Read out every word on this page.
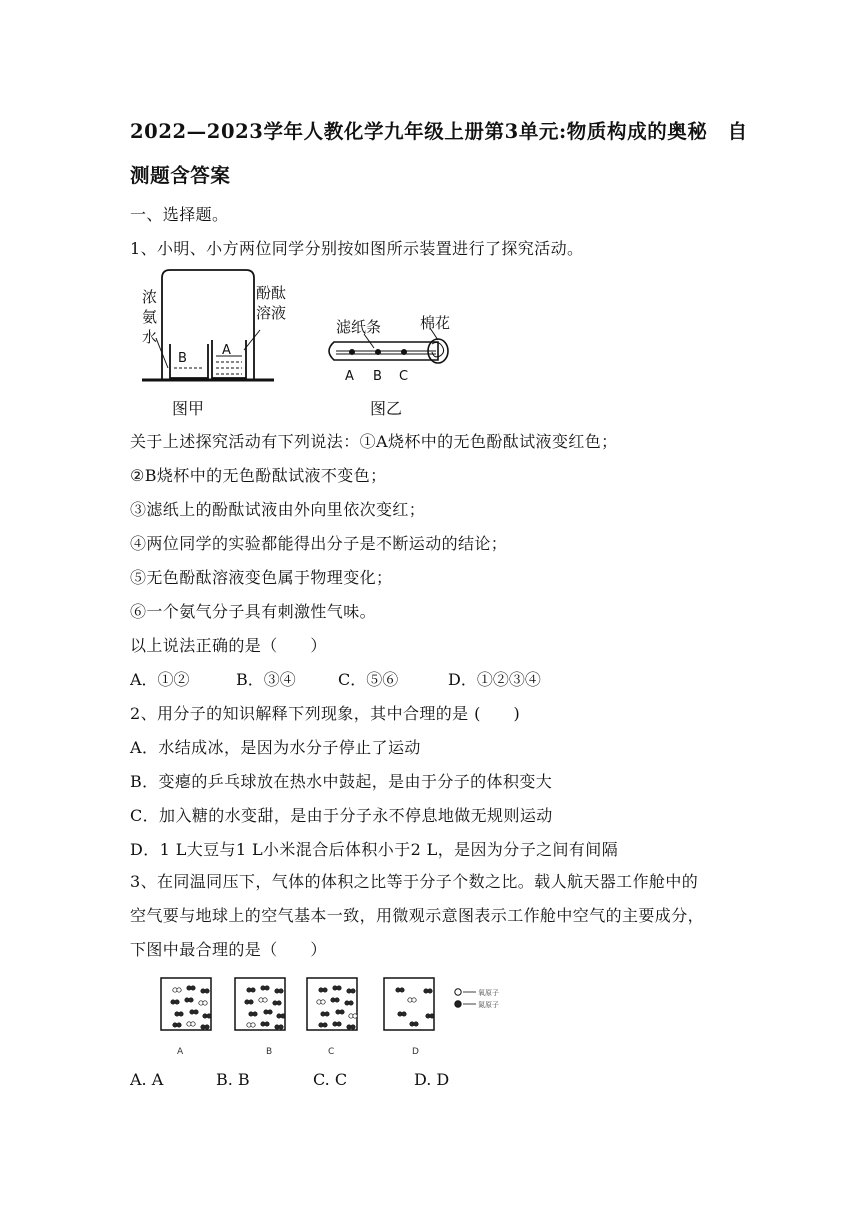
2022—2023学年人教化学九年级上册第3单元:物质构成的奥秘　自
测题含答案
一、选择题。
1、小明、小方两位同学分别按如图所示装置进行了探究活动。
浓
氨
水
酚酞
溶液
B
A
图甲
滤纸条	棉花
A B C
图乙
关于上述探究活动有下列说法：①A烧杯中的无色酚酞试液变红色；
②B烧杯中的无色酚酞试液不变色；
③滤纸上的酚酞试液由外向里依次变红；
④两位同学的实验都能得出分子是不断运动的结论；
⑤无色酚酞溶液变色属于物理变化；
⑥一个氨气分子具有刺激性气味。
以上说法正确的是（　　）
A．①②	B．③④	C．⑤⑥	D．①②③④
2、用分子的知识解释下列现象，其中合理的是 (　　)
A．水结成冰，是因为水分子停止了运动
B．变瘪的乒乓球放在热水中鼓起，是由于分子的体积变大
C．加入糖的水变甜，是由于分子永不停息地做无规则运动
D．1 L大豆与1 L小米混合后体积小于2 L，是因为分子之间有间隔
3、在同温同压下，气体的体积之比等于分子个数之比。载人航天器工作舱中的
空气要与地球上的空气基本一致，用微观示意图表示工作舱中空气的主要成分，
下图中最合理的是（　　）
氧原子
氮原子
A	B	C	D
A. A	B. B	C. C	D. D
